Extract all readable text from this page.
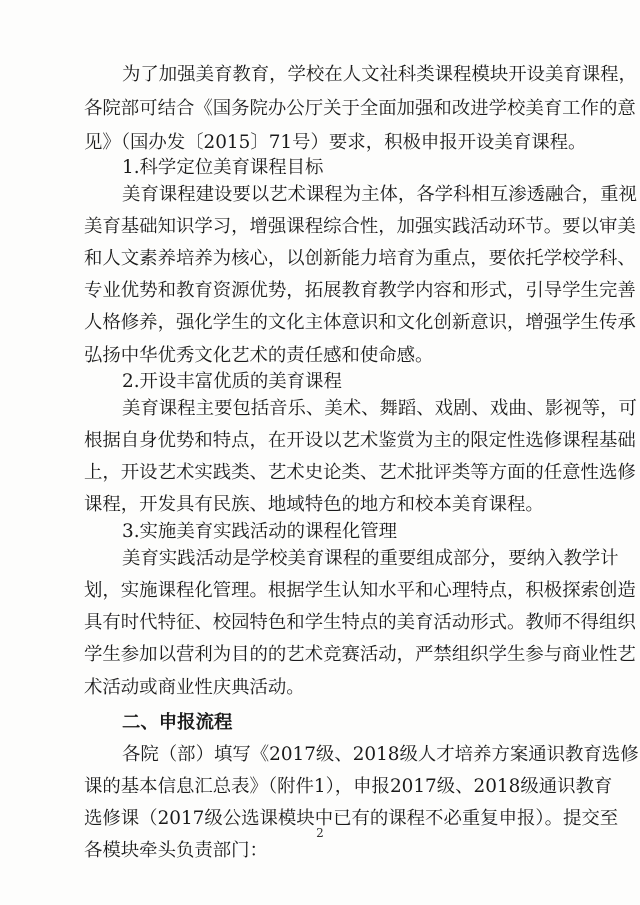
为了加强美育教育，学校在人文社科类课程模块开设美育课程，

各院部可结合《国务院办公厅关于全面加强和改进学校美育工作的意

见》（国办发〔2015〕71号）要求，积极申报开设美育课程。

1.科学定位美育课程目标

美育课程建设要以艺术课程为主体，各学科相互渗透融合，重视

美育基础知识学习，增强课程综合性，加强实践活动环节。要以审美

和人文素养培养为核心，以创新能力培育为重点，要依托学校学科、

专业优势和教育资源优势，拓展教育教学内容和形式，引导学生完善

人格修养，强化学生的文化主体意识和文化创新意识，增强学生传承

弘扬中华优秀文化艺术的责任感和使命感。

2.开设丰富优质的美育课程

美育课程主要包括音乐、美术、舞蹈、戏剧、戏曲、影视等，可

根据自身优势和特点，在开设以艺术鉴赏为主的限定性选修课程基础

上，开设艺术实践类、艺术史论类、艺术批评类等方面的任意性选修

课程，开发具有民族、地域特色的地方和校本美育课程。

3.实施美育实践活动的课程化管理

美育实践活动是学校美育课程的重要组成部分，要纳入教学计

划，实施课程化管理。根据学生认知水平和心理特点，积极探索创造

具有时代特征、校园特色和学生特点的美育活动形式。教师不得组织

学生参加以营利为目的的艺术竞赛活动，严禁组织学生参与商业性艺

术活动或商业性庆典活动。

二、申报流程

各院（部）填写《2017级、2018级人才培养方案通识教育选修

课的基本信息汇总表》（附件1），申报2017级、2018级通识教育

选修课（2017级公选课模块中已有的课程不必重复申报）。提交至

各模块牵头负责部门：

2
